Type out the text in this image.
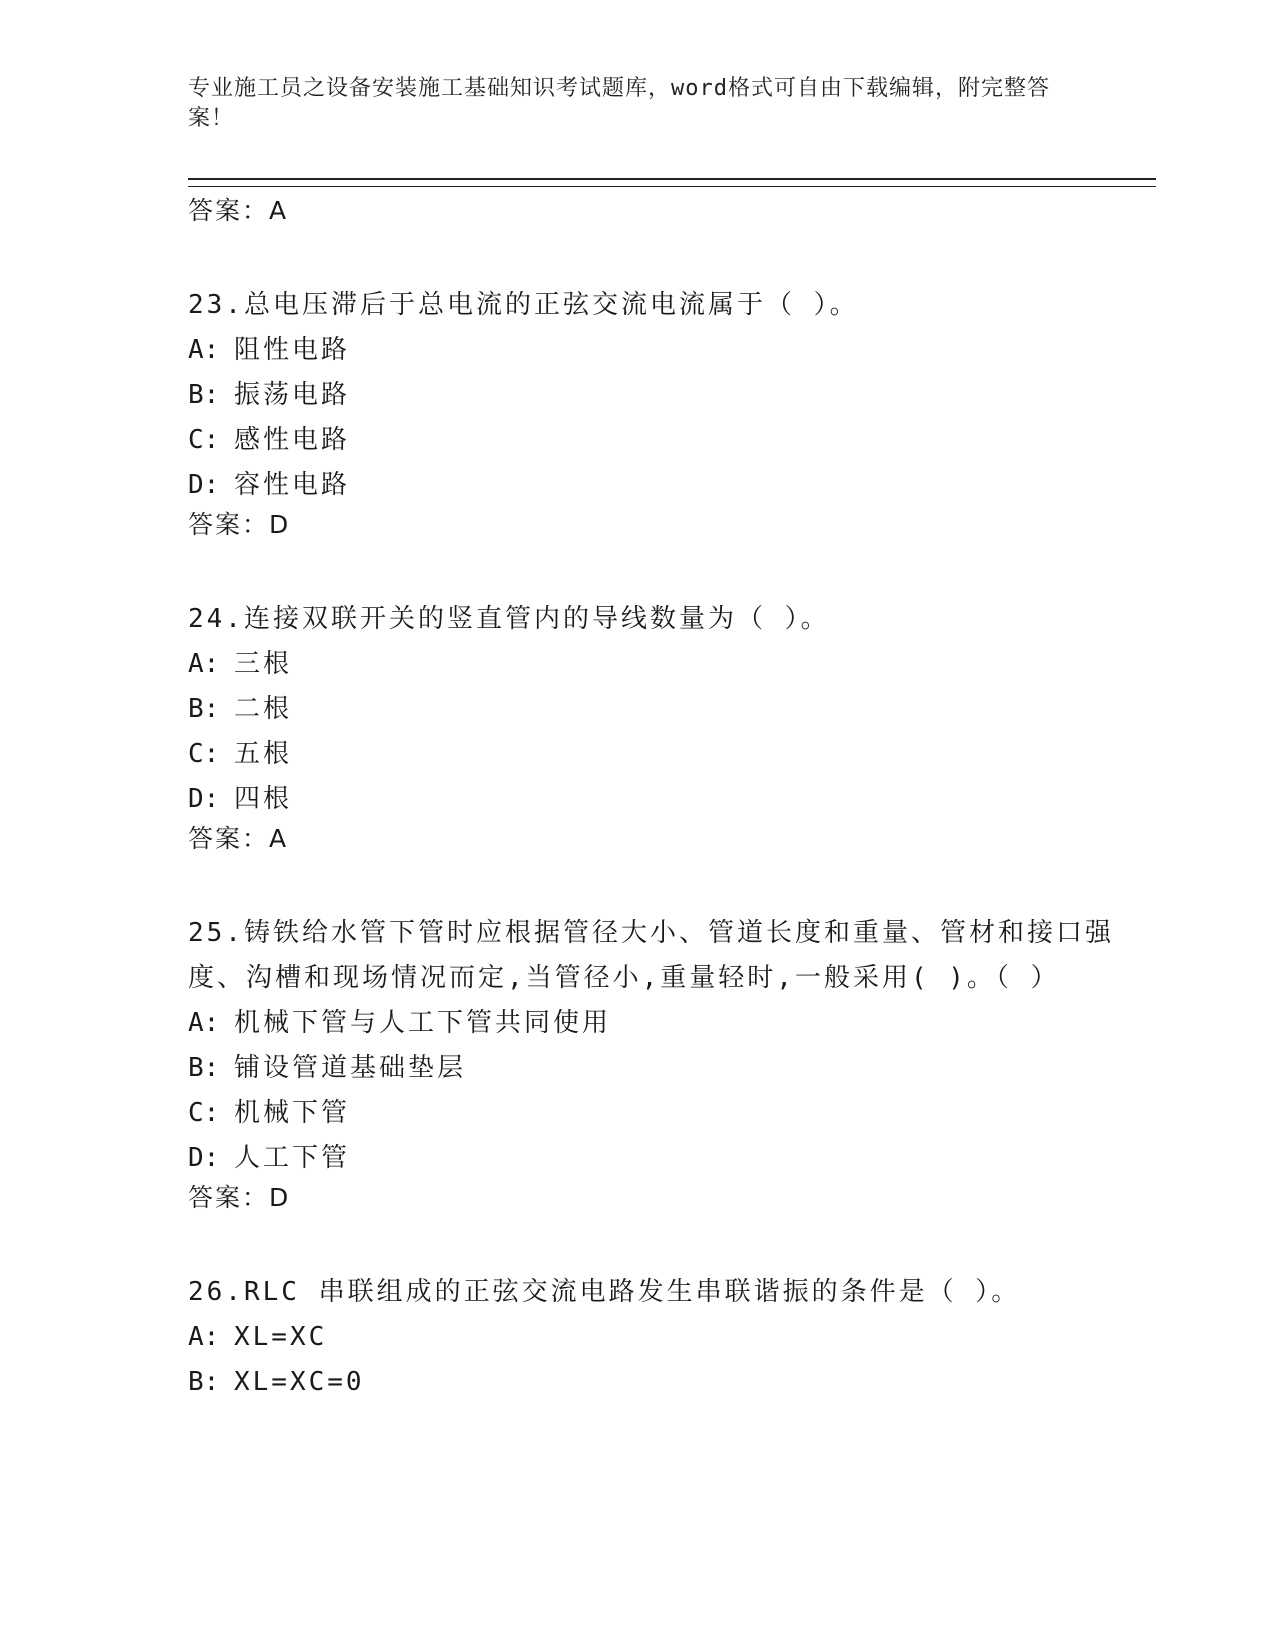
专业施工员之设备安装施工基础知识考试题库，word格式可自由下载编辑，附完整答案！
答案：A

23.总电压滞后于总电流的正弦交流电流属于（ ）。

A: 阻性电路
B: 振荡电路
C: 感性电路
D: 容性电路
答案：D

24.连接双联开关的竖直管内的导线数量为（ ）。

A: 三根
B: 二根
C: 五根
D: 四根
答案：A

25.铸铁给水管下管时应根据管径大小、管道长度和重量、管材和接口强度、沟槽和现场情况而定,当管径小,重量轻时,一般采用( )。（ ）

A: 机械下管与人工下管共同使用
B: 铺设管道基础垫层
C: 机械下管
D: 人工下管
答案：D

26.RLC 串联组成的正弦交流电路发生串联谐振的条件是（ ）。

A: XL=XC
B: XL=XC=0
